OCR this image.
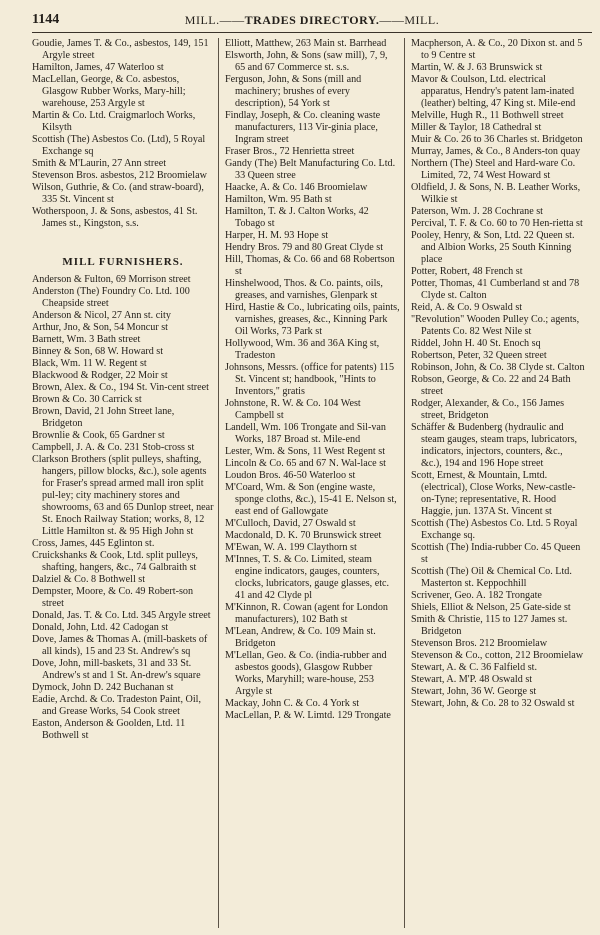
1144	MILL.——TRADES DIRECTORY.——MILL.

Goudie, James T. & Co., asbestos, 149, 151 Argyle street

Hamilton, James, 47 Waterloo st

MacLellan, George, & Co. asbestos, Glasgow Rubber Works, Mary-hill; warehouse, 253 Argyle st

Martin & Co. Ltd. Craigmarloch Works, Kilsyth

Scottish (The) Asbestos Co. (Ltd), 5 Royal Exchange sq

Smith & M'Laurin, 27 Ann street

Stevenson Bros. asbestos, 212 Broomielaw

Wilson, Guthrie, & Co. (and straw-board), 335 St. Vincent st

Wotherspoon, J. & Sons, asbestos, 41 St. James st., Kingston, s.s.

MILL FURNISHERS.

Anderson & Fulton, 69 Morrison street

Anderston (The) Foundry Co. Ltd. 100 Cheapside street

Anderson & Nicol, 27 Ann st. city

Arthur, Jno, & Son, 54 Moncur st

Barnett, Wm. 3 Bath street

Binney & Son, 68 W. Howard st

Black, Wm. 11 W. Regent st

Blackwood & Rodger, 22 Moir st

Brown, Alex. & Co., 194 St. Vin-cent street

Brown & Co. 30 Carrick st

Brown, David, 21 John Street lane, Bridgeton

Brownlie & Cook, 65 Gardner st

Campbell, J. A. & Co. 231 Stob-cross st

Clarkson Brothers (split pulleys, shafting, hangers, pillow blocks, &c.), sole agents for Fraser's spread armed mall iron split pul-ley; city machinery stores and showrooms, 63 and 65 Dunlop street, near St. Enoch Railway Station; works, 8, 12 Little Hamilton st. & 95 High John st

Cross, James, 445 Eglinton st.

Cruickshanks & Cook, Ltd. split pulleys, shafting, hangers, &c., 74 Galbraith st

Dalziel & Co. 8 Bothwell st

Dempster, Moore, & Co. 49 Robert-son street

Donald, Jas. T. & Co. Ltd. 345 Argyle street

Donald, John, Ltd. 42 Cadogan st

Dove, James & Thomas A. (mill-baskets of all kinds), 15 and 23 St. Andrew's sq

Dove, John, mill-baskets, 31 and 33 St. Andrew's st and 1 St. An-drew's square

Dymock, John D. 242 Buchanan st

Eadie, Archd. & Co. Tradeston Paint, Oil, and Grease Works, 54 Cook street

Easton, Anderson & Goolden, Ltd. 11 Bothwell st

Elliott, Matthew, 263 Main st. Barrhead

Elsworth, John, & Sons (saw mill), 7, 9, 65 and 67 Commerce st. s.s.

Ferguson, John, & Sons (mill and machinery; brushes of every description), 54 York st

Findlay, Joseph, & Co. cleaning waste manufacturers, 113 Vir-ginia place, Ingram street

Fraser Bros., 72 Henrietta street

Gandy (The) Belt Manufacturing Co. Ltd. 33 Queen stree

Haacke, A. & Co. 146 Broomielaw

Hamilton, Wm. 95 Bath st

Hamilton, T. & J. Calton Works, 42 Tobago st

Harper, H. M. 93 Hope st

Hendry Bros. 79 and 80 Great Clyde st

Hill, Thomas, & Co. 66 and 68 Robertson st

Hinshelwood, Thos. & Co. paints, oils, greases, and varnishes, Glenpark st

Hird, Hastie & Co., lubricating oils, paints, varnishes, greases, &c., Kinning Park Oil Works, 73 Park st

Hollywood, Wm. 36 and 36A King st, Tradeston

Johnsons, Messrs. (office for patents) 115 St. Vincent st; handbook, "Hints to Inventors," gratis

Johnstone, R. W. & Co. 104 West Campbell st

Landell, Wm. 106 Trongate and Sil-van Works, 187 Broad st. Mile-end

Lester, Wm. & Sons, 11 West Regent st

Lincoln & Co. 65 and 67 N. Wal-lace st

Loudon Bros. 46-50 Waterloo st

M'Coard, Wm. & Son (engine waste, sponge cloths, &c.), 15-41 E. Nelson st, east end of Gallowgate

M'Culloch, David, 27 Oswald st

Macdonald, D. K. 70 Brunswick street

M'Ewan, W. A. 199 Claythorn st

M'Innes, T. S. & Co. Limited, steam engine indicators, gauges, counters, clocks, lubricators, gauge glasses, etc. 41 and 42 Clyde pl

M'Kinnon, R. Cowan (agent for London manufacturers), 102 Bath st

M'Lean, Andrew, & Co. 109 Main st. Bridgeton

M'Lellan, Geo. & Co. (india-rubber and asbestos goods), Glasgow Rubber Works, Maryhill; ware-house, 253 Argyle st

Mackay, John C. & Co. 4 York st

MacLellan, P. & W. Limtd. 129 Trongate

Macpherson, A. & Co., 20 Dixon st. and 5 to 9 Centre st

Martin, W. & J. 63 Brunswick st

Mavor & Coulson, Ltd. electrical apparatus, Hendry's patent lam-inated (leather) belting, 47 King st. Mile-end

Melville, Hugh R., 11 Bothwell street

Miller & Taylor, 18 Cathedral st

Muir & Co. 26 to 36 Charles st. Bridgeton

Murray, James, & Co., 8 Anders-ton quay

Northern (The) Steel and Hard-ware Co. Limited, 72, 74 West Howard st

Oldfield, J. & Sons, N. B. Leather Works, Wilkie st

Paterson, Wm. J. 28 Cochrane st

Percival, T. F. & Co. 60 to 70 Hen-rietta st

Pooley, Henry, & Son, Ltd. 22 Queen st. and Albion Works, 25 South Kinning place

Potter, Robert, 48 French st

Potter, Thomas, 41 Cumberland st and 78 Clyde st. Calton

Reid, A. & Co. 9 Oswald st

"Revolution" Wooden Pulley Co.; agents, Patents Co. 82 West Nile st

Riddel, John H. 40 St. Enoch sq

Robertson, Peter, 32 Queen street

Robinson, John, & Co. 38 Clyde st. Calton

Robson, George, & Co. 22 and 24 Bath street

Rodger, Alexander, & Co., 156 James street, Bridgeton

Schäffer & Budenberg (hydraulic and steam gauges, steam traps, lubricators, indicators, injectors, counters, &c., &c.), 194 and 196 Hope street

Scott, Ernest, & Mountain, Lmtd. (electrical), Close Works, New-castle-on-Tyne; representative, R. Hood Haggie, jun. 137A St. Vincent st

Scottish (The) Asbestos Co. Ltd. 5 Royal Exchange sq.

Scottish (The) India-rubber Co. 45 Queen st

Scottish (The) Oil & Chemical Co. Ltd. Masterton st. Keppochhill

Scrivener, Geo. A. 182 Trongate

Shiels, Elliot & Nelson, 25 Gate-side st

Smith & Christie, 115 to 127 James st. Bridgeton

Stevenson Bros. 212 Broomielaw

Stevenson & Co., cotton, 212 Broomielaw

Stewart, A. & C. 36 Falfield st.

Stewart, A. M'P. 48 Oswald st

Stewart, John, 36 W. George st

Stewart, John, & Co. 28 to 32 Oswald st
